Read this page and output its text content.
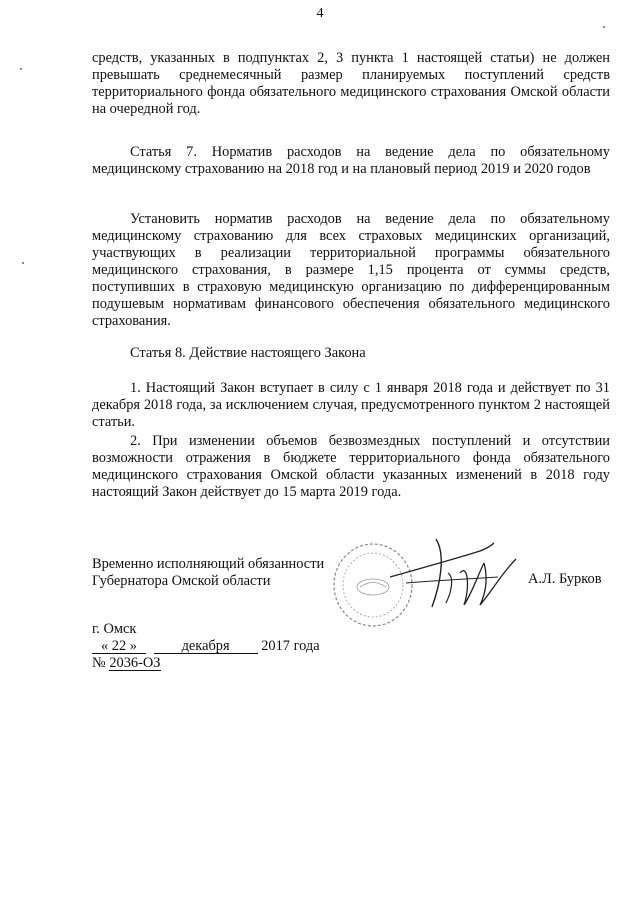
4
средств, указанных в подпунктах 2, 3 пункта 1 настоящей статьи) не должен превышать среднемесячный размер планируемых поступлений средств территориального фонда обязательного медицинского страхования Омской области на очередной год.
Статья 7. Норматив расходов на ведение дела по обязательному медицинскому страхованию на 2018 год и на плановый период 2019 и 2020 годов
Установить норматив расходов на ведение дела по обязательному медицинскому страхованию для всех страховых медицинских организаций, участвующих в реализации территориальной программы обязательного медицинского страхования, в размере 1,15 процента от суммы средств, поступивших в страховую медицинскую организацию по дифференцированным подушевым нормативам финансового обеспечения обязательного медицинского страхования.
Статья 8. Действие настоящего Закона
1. Настоящий Закон вступает в силу с 1 января 2018 года и действует по 31 декабря 2018 года, за исключением случая, предусмотренного пунктом 2 настоящей статьи.
2. При изменении объемов безвозмездных поступлений и отсутствии возможности отражения в бюджете территориального фонда обязательного медицинского страхования Омской области указанных изменений в 2018 году настоящий Закон действует до 15 марта 2019 года.
Временно исполняющий обязанности
Губернатора Омской области	А.Л. Бурков
г. Омск
« 22 »	декабря 2017 года
№ 2036-ОЗ
